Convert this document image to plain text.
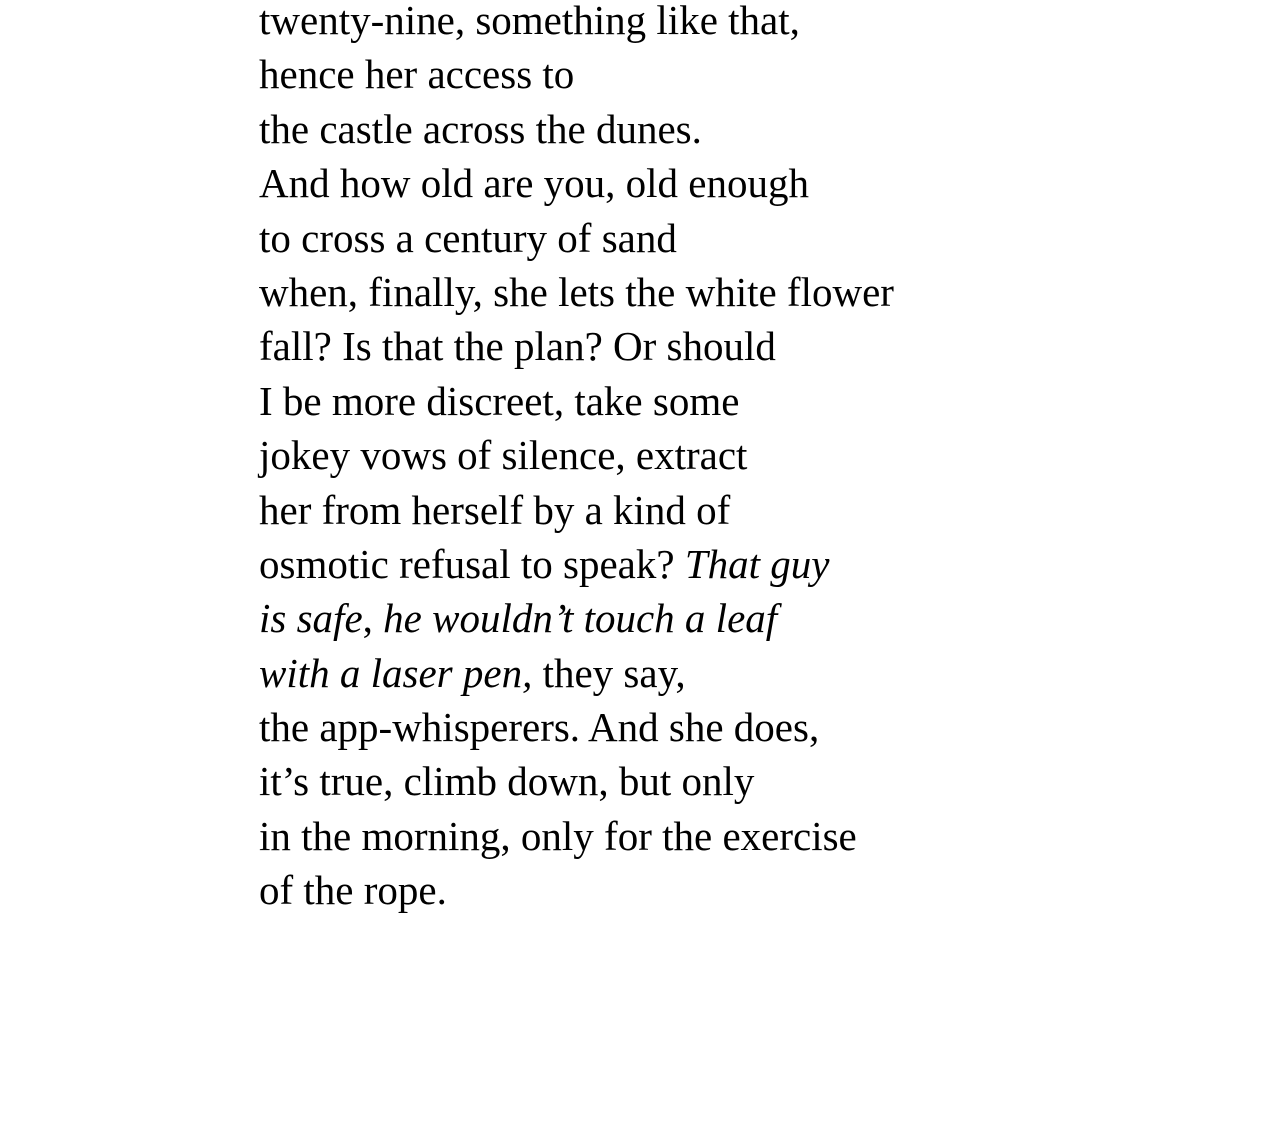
twenty-nine, something like that,
hence her access to
the castle across the dunes.
And how old are you, old enough
to cross a century of sand
when, finally, she lets the white flower
fall? Is that the plan? Or should
I be more discreet, take some
jokey vows of silence, extract
her from herself by a kind of
osmotic refusal to speak? That guy
is safe, he wouldn’t touch a leaf
with a laser pen, they say,
the app-whisperers. And she does,
it’s true, climb down, but only
in the morning, only for the exercise
of the rope.
